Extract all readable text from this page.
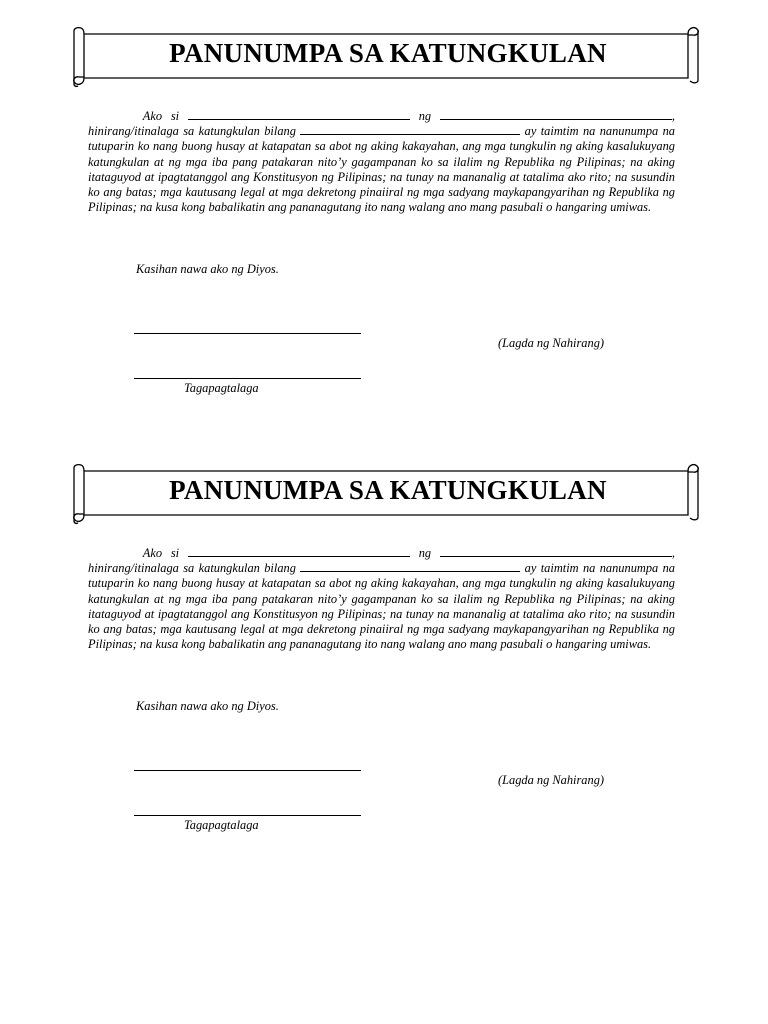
PANUNUMPA SA KATUNGKULAN

     Ako si	ng	, hinirang/itinalaga sa katungkulan bilang	ay taimtim na nanunumpa na tutuparin ko nang buong husay at katapatan sa abot ng aking kakayahan, ang mga tungkulin ng aking kasalukuyang katungkulan at ng mga iba pang patakaran nito’y gagampanan ko sa ilalim ng Republika ng Pilipinas; na aking itataguyod at ipagtatanggol ang Konstitusyon ng Pilipinas; na tunay na mananalig at tatalima ako rito; na susundin ko ang batas; mga kautusang legal at mga dekretong pinaiiral ng mga sadyang maykapangyarihan ng Republika ng Pilipinas; na kusa kong babalikatin ang pananagutang ito nang walang ano mang pasubali o hangaring umiwas.

Kasihan nawa ako ng Diyos.

(Lagda ng Nahirang)

Tagapagtalaga

PANUNUMPA SA KATUNGKULAN

     Ako si	ng	, hinirang/itinalaga sa katungkulan bilang	ay taimtim na nanunumpa na tutuparin ko nang buong husay at katapatan sa abot ng aking kakayahan, ang mga tungkulin ng aking kasalukuyang katungkulan at ng mga iba pang patakaran nito’y gagampanan ko sa ilalim ng Republika ng Pilipinas; na aking itataguyod at ipagtatanggol ang Konstitusyon ng Pilipinas; na tunay na mananalig at tatalima ako rito; na susundin ko ang batas; mga kautusang legal at mga dekretong pinaiiral ng mga sadyang maykapangyarihan ng Republika ng Pilipinas; na kusa kong babalikatin ang pananagutang ito nang walang ano mang pasubali o hangaring umiwas.

Kasihan nawa ako ng Diyos.

(Lagda ng Nahirang)

Tagapagtalaga
